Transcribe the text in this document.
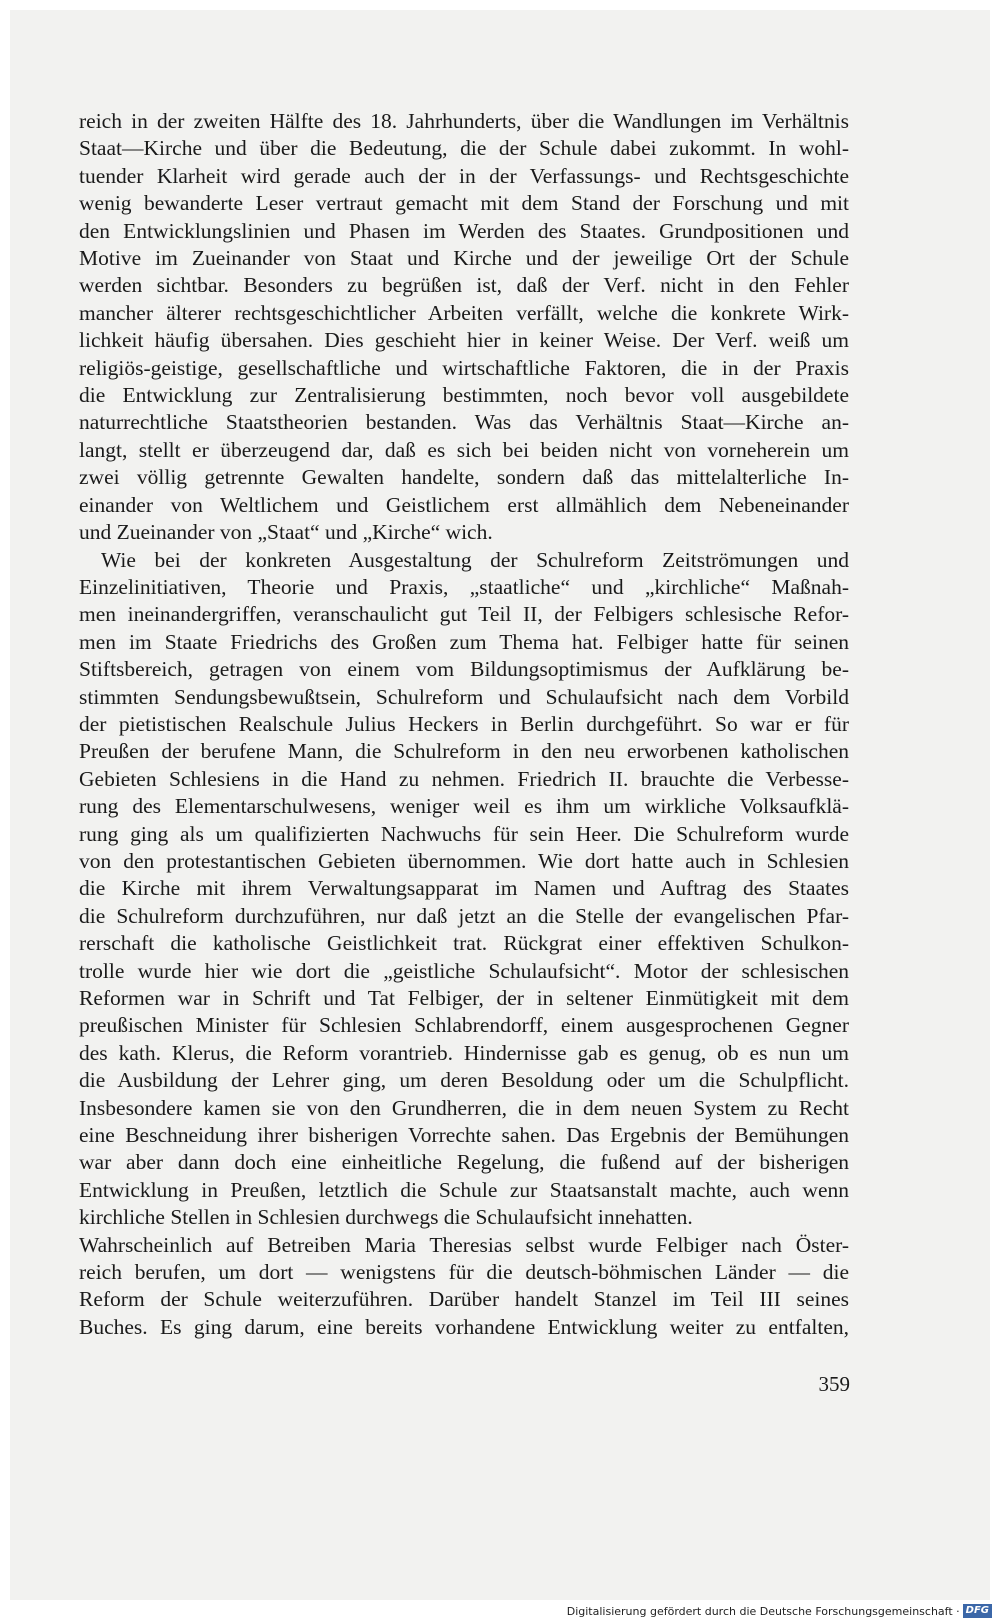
reich in der zweiten Hälfte des 18. Jahrhunderts, über die Wandlungen im Verhältnis
Staat—Kirche und über die Bedeutung, die der Schule dabei zukommt. In wohl-
tuender Klarheit wird gerade auch der in der Verfassungs- und Rechtsgeschichte
wenig bewanderte Leser vertraut gemacht mit dem Stand der Forschung und mit
den Entwicklungslinien und Phasen im Werden des Staates. Grundpositionen und
Motive im Zueinander von Staat und Kirche und der jeweilige Ort der Schule
werden sichtbar. Besonders zu begrüßen ist, daß der Verf. nicht in den Fehler
mancher älterer rechtsgeschichtlicher Arbeiten verfällt, welche die konkrete Wirk-
lichkeit häufig übersahen. Dies geschieht hier in keiner Weise. Der Verf. weiß um
religiös-geistige, gesellschaftliche und wirtschaftliche Faktoren, die in der Praxis
die Entwicklung zur Zentralisierung bestimmten, noch bevor voll ausgebildete
naturrechtliche Staatstheorien bestanden. Was das Verhältnis Staat—Kirche an-
langt, stellt er überzeugend dar, daß es sich bei beiden nicht von vorneherein um
zwei völlig getrennte Gewalten handelte, sondern daß das mittelalterliche In-
einander von Weltlichem und Geistlichem erst allmählich dem Nebeneinander
und Zueinander von „Staat“ und „Kirche“ wich.
Wie bei der konkreten Ausgestaltung der Schulreform Zeitströmungen und
Einzelinitiativen, Theorie und Praxis, „staatliche“ und „kirchliche“ Maßnah-
men ineinandergriffen, veranschaulicht gut Teil II, der Felbigers schlesische Refor-
men im Staate Friedrichs des Großen zum Thema hat. Felbiger hatte für seinen
Stiftsbereich, getragen von einem vom Bildungsoptimismus der Aufklärung be-
stimmten Sendungsbewußtsein, Schulreform und Schulaufsicht nach dem Vorbild
der pietistischen Realschule Julius Heckers in Berlin durchgeführt. So war er für
Preußen der berufene Mann, die Schulreform in den neu erworbenen katholischen
Gebieten Schlesiens in die Hand zu nehmen. Friedrich II. brauchte die Verbesse-
rung des Elementarschulwesens, weniger weil es ihm um wirkliche Volksaufklä-
rung ging als um qualifizierten Nachwuchs für sein Heer. Die Schulreform wurde
von den protestantischen Gebieten übernommen. Wie dort hatte auch in Schlesien
die Kirche mit ihrem Verwaltungsapparat im Namen und Auftrag des Staates
die Schulreform durchzuführen, nur daß jetzt an die Stelle der evangelischen Pfar-
rerschaft die katholische Geistlichkeit trat. Rückgrat einer effektiven Schulkon-
trolle wurde hier wie dort die „geistliche Schulaufsicht“. Motor der schlesischen
Reformen war in Schrift und Tat Felbiger, der in seltener Einmütigkeit mit dem
preußischen Minister für Schlesien Schlabrendorff, einem ausgesprochenen Gegner
des kath. Klerus, die Reform vorantrieb. Hindernisse gab es genug, ob es nun um
die Ausbildung der Lehrer ging, um deren Besoldung oder um die Schulpflicht.
Insbesondere kamen sie von den Grundherren, die in dem neuen System zu Recht
eine Beschneidung ihrer bisherigen Vorrechte sahen. Das Ergebnis der Bemühungen
war aber dann doch eine einheitliche Regelung, die fußend auf der bisherigen
Entwicklung in Preußen, letztlich die Schule zur Staatsanstalt machte, auch wenn
kirchliche Stellen in Schlesien durchwegs die Schulaufsicht innehatten.
Wahrscheinlich auf Betreiben Maria Theresias selbst wurde Felbiger nach Öster-
reich berufen, um dort — wenigstens für die deutsch-böhmischen Länder — die
Reform der Schule weiterzuführen. Darüber handelt Stanzel im Teil III seines
Buches. Es ging darum, eine bereits vorhandene Entwicklung weiter zu entfalten,
359
Digitalisierung gefördert durch die Deutsche Forschungsgemeinschaft · DFG
